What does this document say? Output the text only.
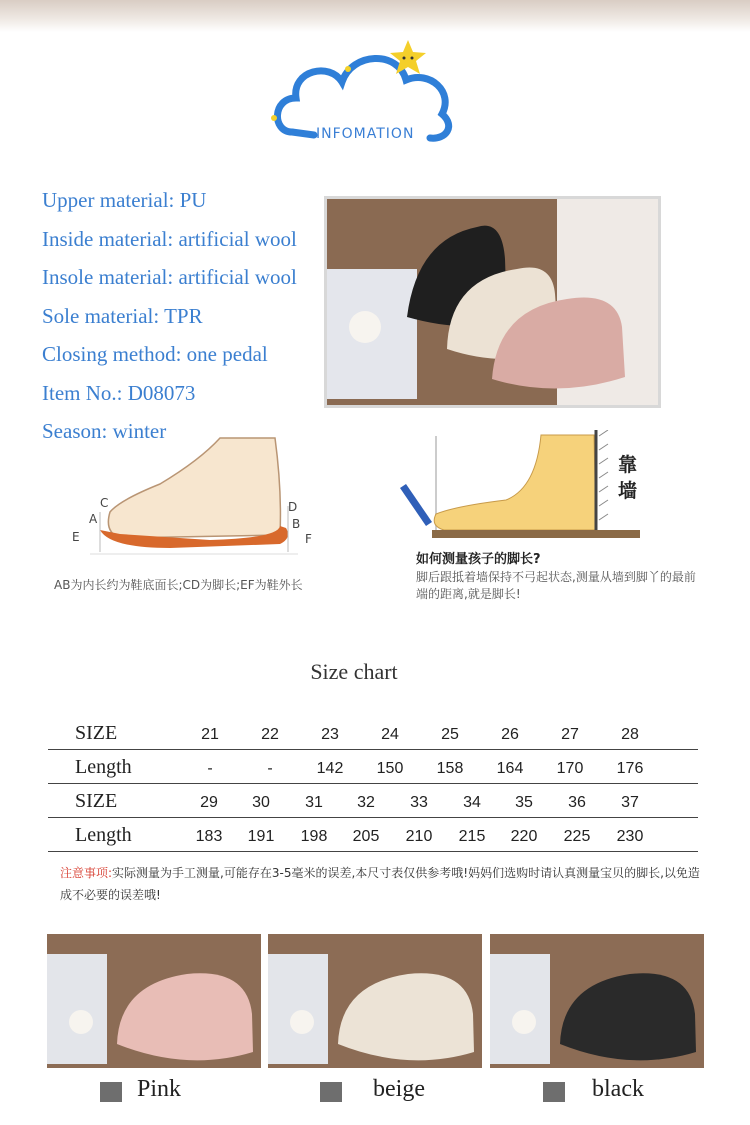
INFOMATION
Upper material: PU
Inside material: artificial wool
Insole material: artificial wool
Sole material: TPR
Closing method: one pedal
Item No.: D08073
Season: winter
C
A
E
D
B
F
AB为内长约为鞋底面长;CD为脚长;EF为鞋外长
靠墙
如何测量孩子的脚长?
脚后跟抵着墙保持不弓起状态,测量从墙到脚丫的最前端的距离,就是脚长!
Size chart
SIZE	21	22	23	24	25	26	27	28
Length	-	-	142	150	158	164	170	176
SIZE	29	30	31	32	33	34	35	36	37
Length	183	191	198	205	210	215	220	225	230
注意事项:实际测量为手工测量,可能存在3-5毫米的误差,本尺寸表仅供参考哦!妈妈们选购时请认真测量宝贝的脚长,以免造成不必要的误差哦!
Pink	beige	black
